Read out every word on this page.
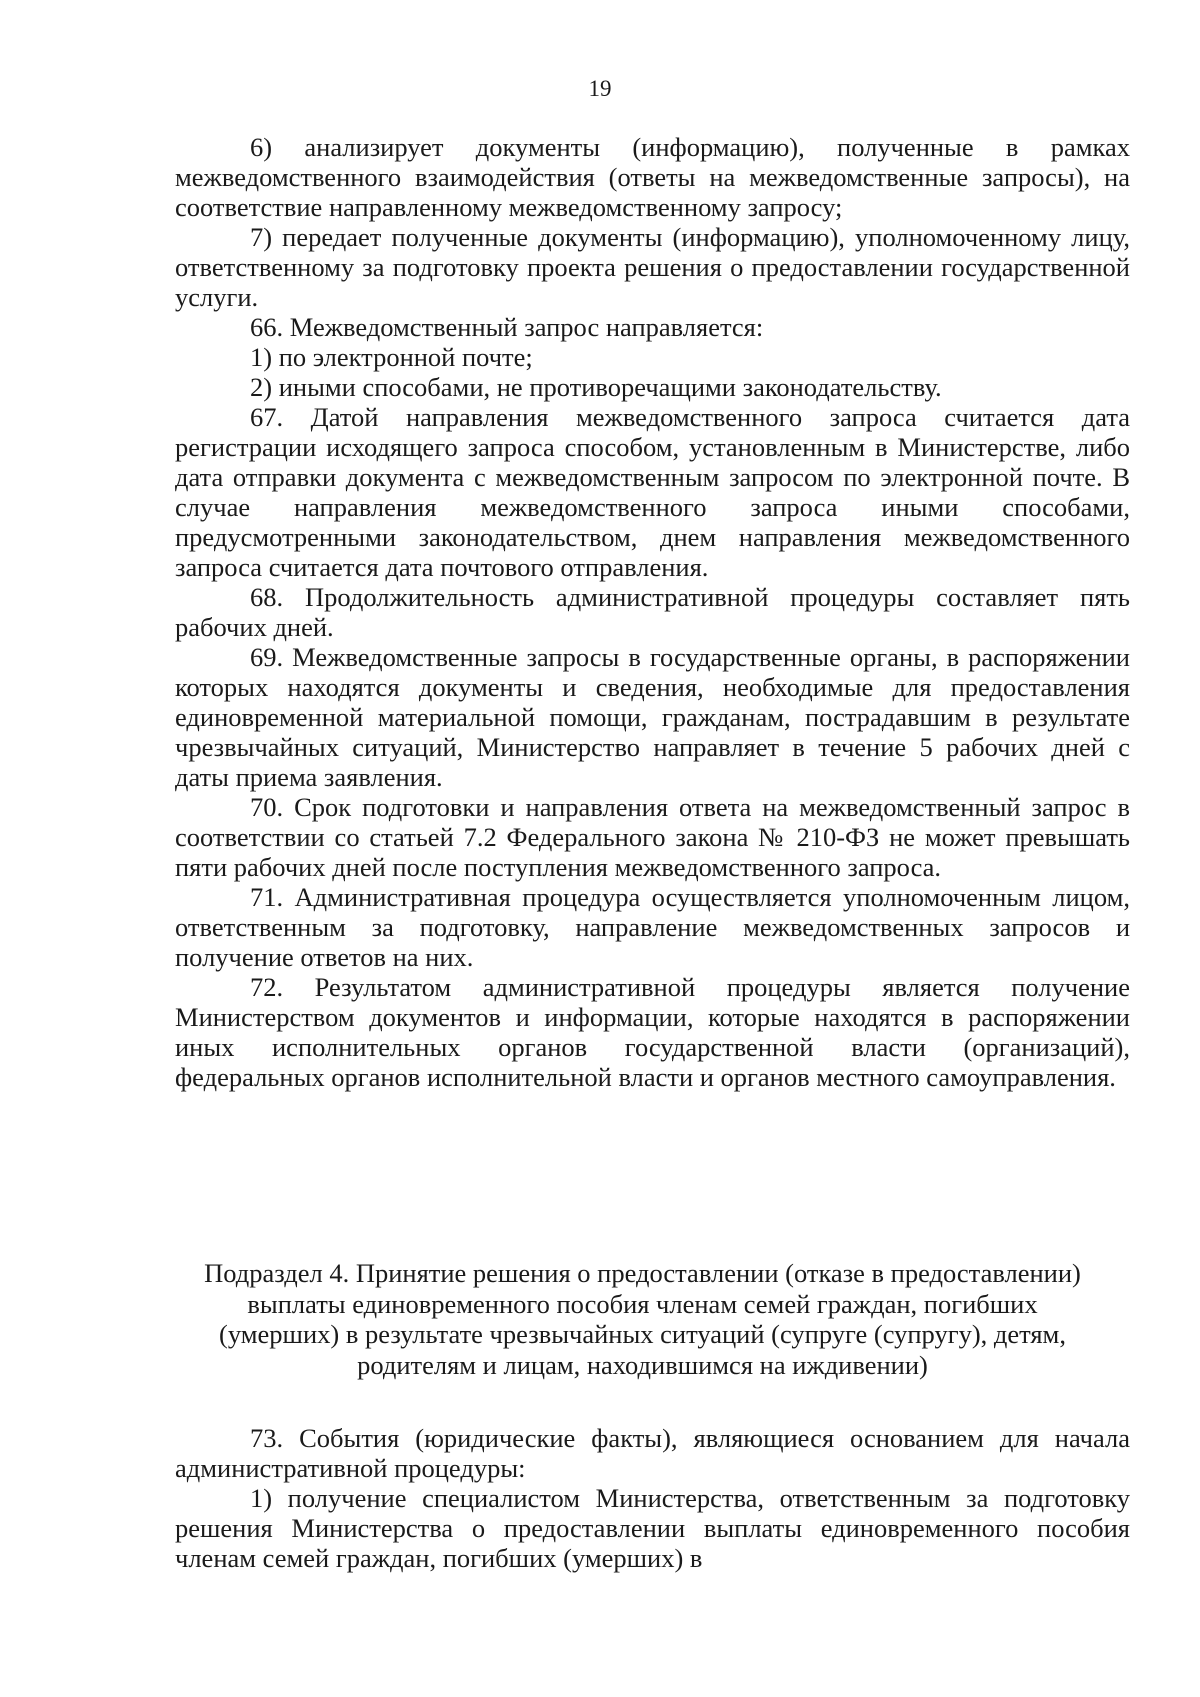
19

6) анализирует документы (информацию), полученные в рамках межведомственного взаимодействия (ответы на межведомственные запросы), на соответствие направленному межведомственному запросу;

7) передает полученные документы (информацию), уполномоченному лицу, ответственному за подготовку проекта решения о предоставлении государственной услуги.

66. Межведомственный запрос направляется:

1) по электронной почте;

2) иными способами, не противоречащими законодательству.

67. Датой направления межведомственного запроса считается дата регистрации исходящего запроса способом, установленным в Министерстве, либо дата отправки документа с межведомственным запросом по электронной почте. В случае направления межведомственного запроса иными способами, предусмотренными законодательством, днем направления межведомственного запроса считается дата почтового отправления.

68. Продолжительность административной процедуры составляет пять рабочих дней.

69. Межведомственные запросы в государственные органы, в распоряжении которых находятся документы и сведения, необходимые для предоставления единовременной материальной помощи, гражданам, пострадавшим в результате чрезвычайных ситуаций, Министерство направляет в течение 5 рабочих дней с даты приема заявления.

70. Срок подготовки и направления ответа на межведомственный запрос в соответствии со статьей 7.2 Федерального закона № 210-ФЗ не может превышать пяти рабочих дней после поступления межведомственного запроса.

71. Административная процедура осуществляется уполномоченным лицом, ответственным за подготовку, направление межведомственных запросов и получение ответов на них.

72. Результатом административной процедуры является получение Министерством документов и информации, которые находятся в распоряжении иных исполнительных органов государственной власти (организаций), федеральных органов исполнительной власти и органов местного самоуправления.

Подраздел 4. Принятие решения о предоставлении (отказе в предоставлении)
выплаты единовременного пособия членам семей граждан, погибших
(умерших) в результате чрезвычайных ситуаций (супруге (супругу), детям,
родителям и лицам, находившимся на иждивении)

73. События (юридические факты), являющиеся основанием для начала административной процедуры:

1) получение специалистом Министерства, ответственным за подготовку решения Министерства о предоставлении выплаты единовременного пособия членам семей граждан, погибших (умерших) в
